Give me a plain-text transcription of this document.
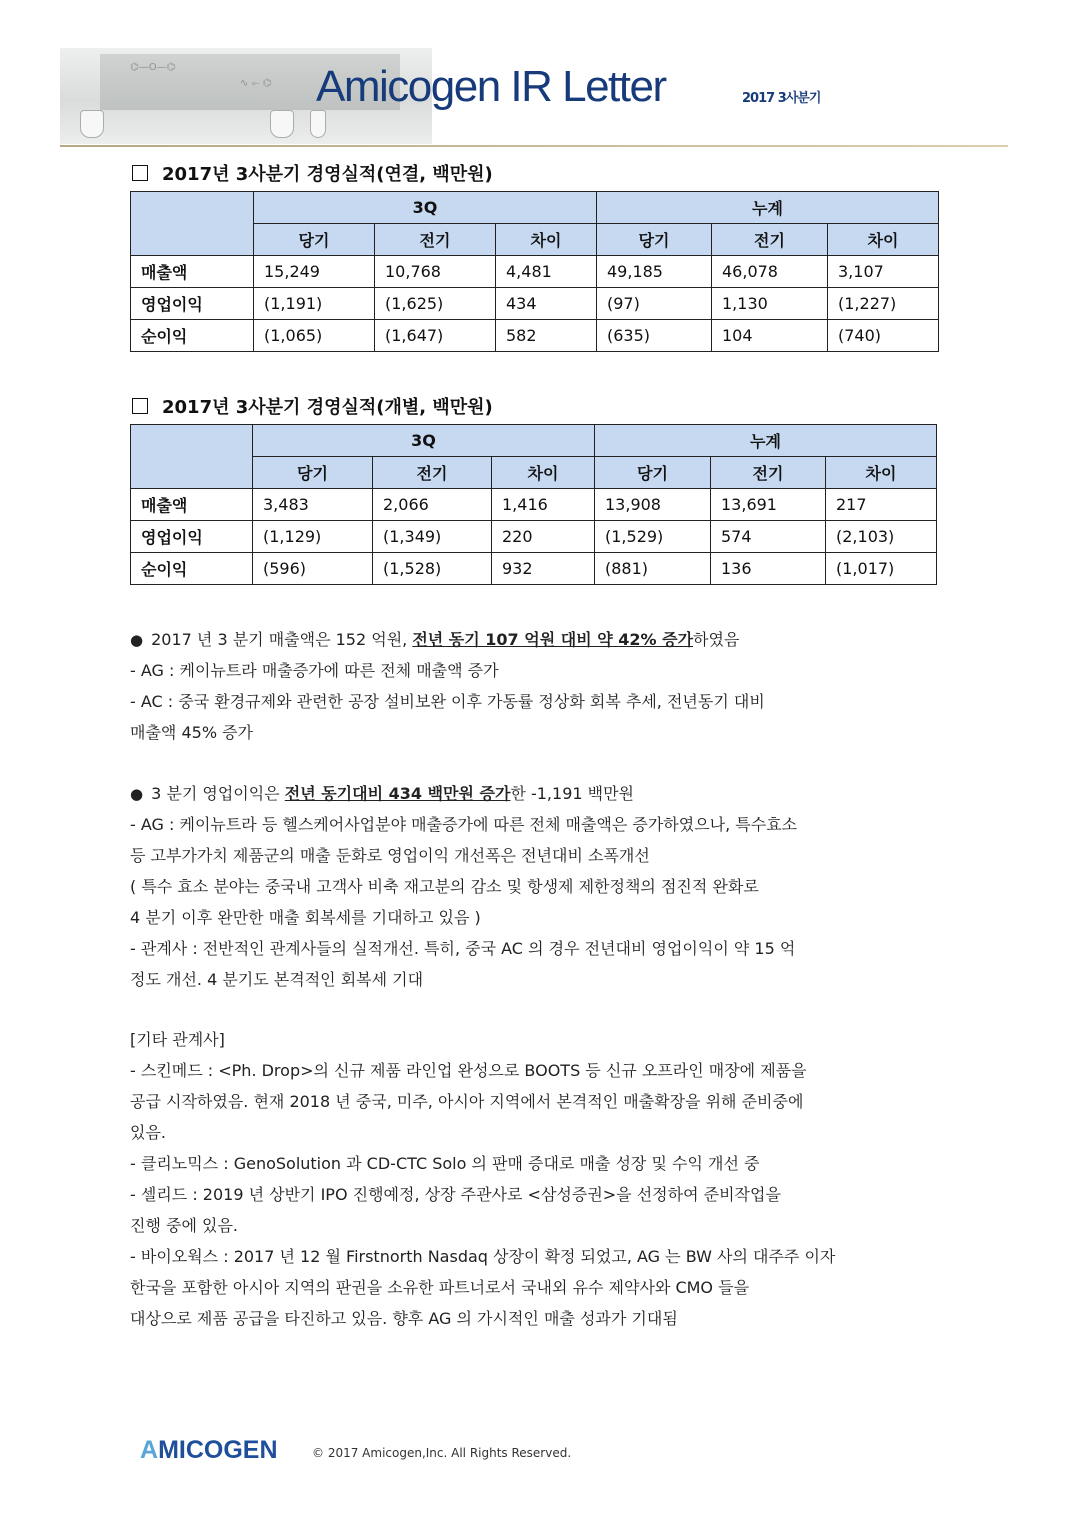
⌬—O—⌬
∿ ⟜ ⌬ Amicogen IR Letter	2017 3사분기
2017년 3사분기 경영실적(연결, 백만원)
	3Q			누계		
	당기	전기	차이	당기	전기	차이
매출액	15,249	10,768	4,481	49,185	46,078	3,107
영업이익	(1,191)	(1,625)	434	(97)	1,130	(1,227)
순이익	(1,065)	(1,647)	582	(635)	104	(740)
2017년 3사분기 경영실적(개별, 백만원)
	3Q			누계		
	당기	전기	차이	당기	전기	차이
매출액	3,483	2,066	1,416	13,908	13,691	217
영업이익	(1,129)	(1,349)	220	(1,529)	574	(2,103)
순이익	(596)	(1,528)	932	(881)	136	(1,017)
● 2017 년 3 분기 매출액은 152 억원, 전년 동기 107 억원 대비 약 42% 증가하였음
- AG : 케이뉴트라 매출증가에 따른 전체 매출액 증가
- AC : 중국 환경규제와 관련한 공장 설비보완 이후 가동률 정상화 회복 추세, 전년동기 대비
매출액 45% 증가
● 3 분기 영업이익은 전년 동기대비 434 백만원 증가한 -1,191 백만원
- AG : 케이뉴트라 등 헬스케어사업분야 매출증가에 따른 전체 매출액은 증가하였으나, 특수효소
등 고부가가치 제품군의 매출 둔화로 영업이익 개선폭은 전년대비 소폭개선
( 특수 효소 분야는 중국내 고객사 비축 재고분의 감소 및 항생제 제한정책의 점진적 완화로
4 분기 이후 완만한 매출 회복세를 기대하고 있음 )
- 관계사 : 전반적인 관계사들의 실적개선. 특히, 중국 AC 의 경우 전년대비 영업이익이 약 15 억
정도 개선. 4 분기도 본격적인 회복세 기대
[기타 관계사]
- 스킨메드 : <Ph. Drop>의 신규 제품 라인업 완성으로 BOOTS 등 신규 오프라인 매장에 제품을
공급 시작하였음. 현재 2018 년 중국, 미주, 아시아 지역에서 본격적인 매출확장을 위해 준비중에
있음.
- 클리노믹스 : GenoSolution 과 CD-CTC Solo 의 판매 증대로 매출 성장 및 수익 개선 중
- 셀리드 : 2019 년 상반기 IPO 진행예정, 상장 주관사로 <삼성증권>을 선정하여 준비작업을
진행 중에 있음.
- 바이오웍스 : 2017 년 12 월 Firstnorth Nasdaq 상장이 확정 되었고, AG 는 BW 사의 대주주 이자
한국을 포함한 아시아 지역의 판권을 소유한 파트너로서 국내외 유수 제약사와 CMO 들을
대상으로 제품 공급을 타진하고 있음. 향후 AG 의 가시적인 매출 성과가 기대됨
AMICOGEN	© 2017 Amicogen,Inc. All Rights Reserved.
